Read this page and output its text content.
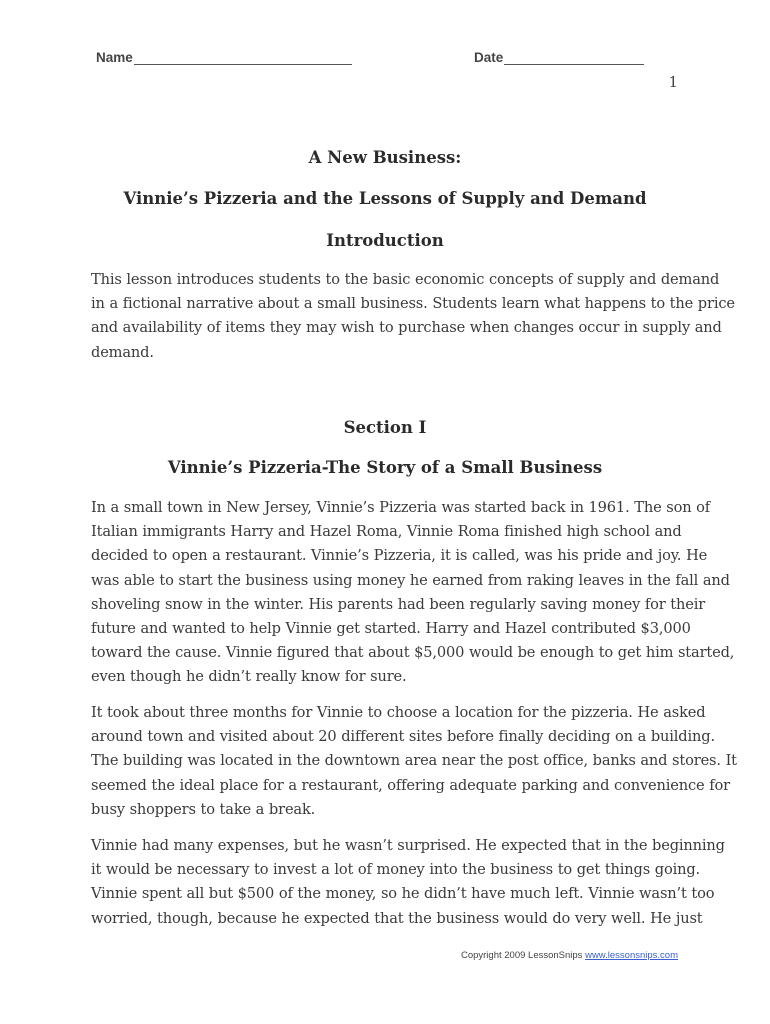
Name	Date
1
A New Business:
Vinnie’s Pizzeria and the Lessons of Supply and Demand
Introduction
This lesson introduces students to the basic economic concepts of supply and demand
in a fictional narrative about a small business. Students learn what happens to the price
and availability of items they may wish to purchase when changes occur in supply and
demand.
Section I
Vinnie’s Pizzeria-The Story of a Small Business
In a small town in New Jersey, Vinnie’s Pizzeria was started back in 1961. The son of
Italian immigrants Harry and Hazel Roma, Vinnie Roma finished high school and
decided to open a restaurant. Vinnie’s Pizzeria, it is called, was his pride and joy. He
was able to start the business using money he earned from raking leaves in the fall and
shoveling snow in the winter. His parents had been regularly saving money for their
future and wanted to help Vinnie get started. Harry and Hazel contributed $3,000
toward the cause. Vinnie figured that about $5,000 would be enough to get him started,
even though he didn’t really know for sure.
It took about three months for Vinnie to choose a location for the pizzeria. He asked
around town and visited about 20 different sites before finally deciding on a building.
The building was located in the downtown area near the post office, banks and stores. It
seemed the ideal place for a restaurant, offering adequate parking and convenience for
busy shoppers to take a break.
Vinnie had many expenses, but he wasn’t surprised. He expected that in the beginning
it would be necessary to invest a lot of money into the business to get things going.
Vinnie spent all but $500 of the money, so he didn’t have much left. Vinnie wasn’t too
worried, though, because he expected that the business would do very well. He just
Copyright 2009 LessonSnips www.lessonsnips.com
